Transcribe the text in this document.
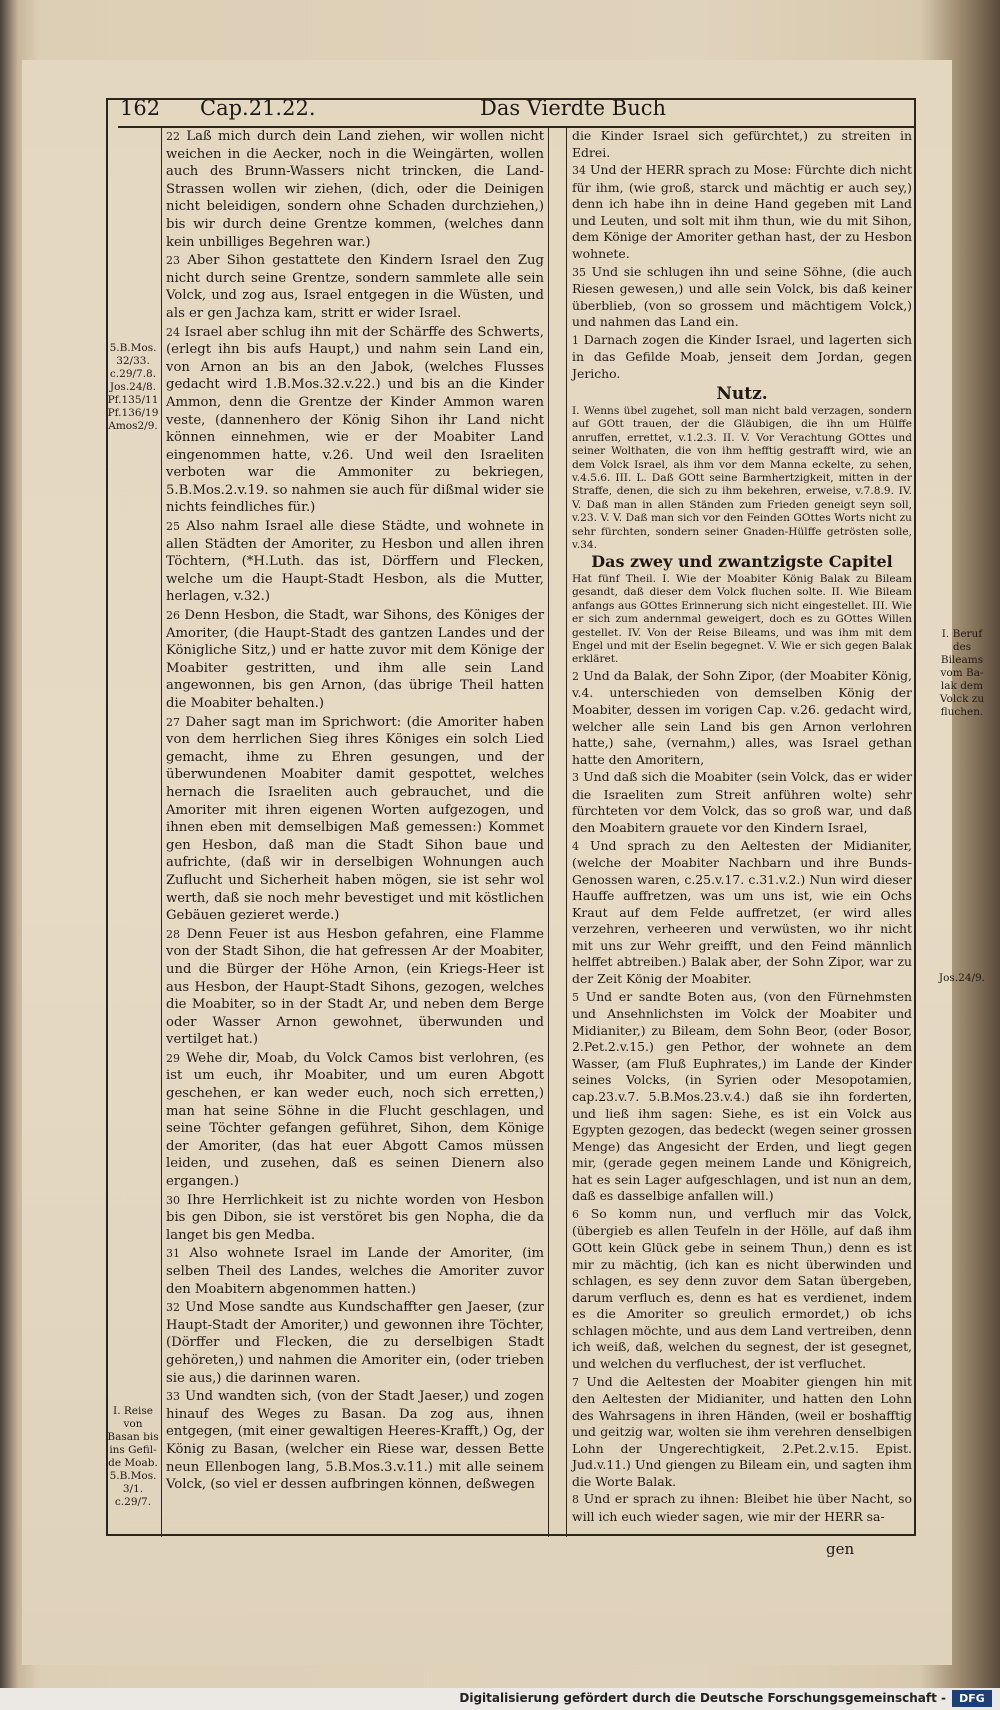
162 Cap.21.22.	Das Vierdte Buch
5.B.Mos. 32/33. c.29/7.8. Jos.24/8. Pf.135/11 Pf.136/19 Amos2/9.
I. Reise von Basan bis ins Gefil-de Moab. 5.B.Mos. 3/1. c.29/7.
I. Beruf des Bileams vom Ba-lak dem Volck zu fluchen.
Jos.24/9.

22 Laß mich durch dein Land ziehen, wir wollen nicht weichen in die Aecker, noch in die Weingärten, wollen auch des Brunn-Wassers nicht trincken, die Land-Strassen wollen wir ziehen, (dich, oder die Deinigen nicht beleidigen, sondern ohne Schaden durchziehen,) bis wir durch deine Grentze kommen, (welches dann kein unbilliges Begehren war.)

23 Aber Sihon gestattete den Kindern Israel den Zug nicht durch seine Grentze, sondern sammlete alle sein Volck, und zog aus, Israel entgegen in die Wüsten, und als er gen Jachza kam, stritt er wider Israel.

24 Israel aber schlug ihn mit der Schärffe des Schwerts, (erlegt ihn bis aufs Haupt,) und nahm sein Land ein, von Arnon an bis an den Jabok, (welches Flusses gedacht wird 1.B.Mos.32.v.22.) und bis an die Kinder Ammon, denn die Grentze der Kinder Ammon waren veste, (dannenhero der König Sihon ihr Land nicht können einnehmen, wie er der Moabiter Land eingenommen hatte, v.26. Und weil den Israeliten verboten war die Ammoniter zu bekriegen, 5.B.Mos.2.v.19. so nahmen sie auch für dißmal wider sie nichts feindliches für.)

25 Also nahm Israel alle diese Städte, und wohnete in allen Städten der Amoriter, zu Hesbon und allen ihren Töchtern, (*H.Luth. das ist, Dörffern und Flecken, welche um die Haupt-Stadt Hesbon, als die Mutter, herlagen, v.32.)

26 Denn Hesbon, die Stadt, war Sihons, des Königes der Amoriter, (die Haupt-Stadt des gantzen Landes und der Königliche Sitz,) und er hatte zuvor mit dem Könige der Moabiter gestritten, und ihm alle sein Land angewonnen, bis gen Arnon, (das übrige Theil hatten die Moabiter behalten.)

27 Daher sagt man im Sprichwort: (die Amoriter haben von dem herrlichen Sieg ihres Königes ein solch Lied gemacht, ihme zu Ehren gesungen, und der überwundenen Moabiter damit gespottet, welches hernach die Israeliten auch gebrauchet, und die Amoriter mit ihren eigenen Worten aufgezogen, und ihnen eben mit demselbigen Maß gemessen:) Kommet gen Hesbon, daß man die Stadt Sihon baue und aufrichte, (daß wir in derselbigen Wohnungen auch Zuflucht und Sicherheit haben mögen, sie ist sehr wol werth, daß sie noch mehr bevestiget und mit köstlichen Gebäuen gezieret werde.)

28 Denn Feuer ist aus Hesbon gefahren, eine Flamme von der Stadt Sihon, die hat gefressen Ar der Moabiter, und die Bürger der Höhe Arnon, (ein Kriegs-Heer ist aus Hesbon, der Haupt-Stadt Sihons, gezogen, welches die Moabiter, so in der Stadt Ar, und neben dem Berge oder Wasser Arnon gewohnet, überwunden und vertilget hat.)

29 Wehe dir, Moab, du Volck Camos bist verlohren, (es ist um euch, ihr Moabiter, und um euren Abgott geschehen, er kan weder euch, noch sich erretten,) man hat seine Söhne in die Flucht geschlagen, und seine Töchter gefangen geführet, Sihon, dem Könige der Amoriter, (das hat euer Abgott Camos müssen leiden, und zusehen, daß es seinen Dienern also ergangen.)

30 Ihre Herrlichkeit ist zu nichte worden von Hesbon bis gen Dibon, sie ist verstöret bis gen Nopha, die da langet bis gen Medba.

31 Also wohnete Israel im Lande der Amoriter, (im selben Theil des Landes, welches die Amoriter zuvor den Moabitern abgenommen hatten.)

32 Und Mose sandte aus Kundschaffter gen Jaeser, (zur Haupt-Stadt der Amoriter,) und gewonnen ihre Töchter, (Dörffer und Flecken, die zu derselbigen Stadt gehöreten,) und nahmen die Amoriter ein, (oder trieben sie aus,) die darinnen waren.

33 Und wandten sich, (von der Stadt Jaeser,) und zogen hinauf des Weges zu Basan. Da zog aus, ihnen entgegen, (mit einer gewaltigen Heeres-Krafft,) Og, der König zu Basan, (welcher ein Riese war, dessen Bette neun Ellenbogen lang, 5.B.Mos.3.v.11.) mit alle seinem Volck, (so viel er dessen aufbringen können, deßwegen

die Kinder Israel sich gefürchtet,) zu streiten in Edrei.

34 Und der HERR sprach zu Mose: Fürchte dich nicht für ihm, (wie groß, starck und mächtig er auch sey,) denn ich habe ihn in deine Hand gegeben mit Land und Leuten, und solt mit ihm thun, wie du mit Sihon, dem Könige der Amoriter gethan hast, der zu Hesbon wohnete.

35 Und sie schlugen ihn und seine Söhne, (die auch Riesen gewesen,) und alle sein Volck, bis daß keiner überblieb, (von so grossem und mächtigem Volck,) und nahmen das Land ein.

1 Darnach zogen die Kinder Israel, und lagerten sich in das Gefilde Moab, jenseit dem Jordan, gegen Jericho.

Nutz.

I. Wenns übel zugehet, soll man nicht bald verzagen, sondern auf GOtt trauen, der die Gläubigen, die ihn um Hülffe anruffen, errettet, v.1.2.3. II. V. Vor Verachtung GOttes und seiner Wolthaten, die von ihm hefftig gestrafft wird, wie an dem Volck Israel, als ihm vor dem Manna eckelte, zu sehen, v.4.5.6. III. L. Daß GOtt seine Barmhertzigkeit, mitten in der Straffe, denen, die sich zu ihm bekehren, erweise, v.7.8.9. IV. V. Daß man in allen Ständen zum Frieden geneigt seyn soll, v.23. V. V. Daß man sich vor den Feinden GOttes Worts nicht zu sehr fürchten, sondern seiner Gnaden-Hülffe getrösten solle, v.34.

Das zwey und zwantzigste Capitel

Hat fünf Theil. I. Wie der Moabiter König Balak zu Bileam gesandt, daß dieser dem Volck fluchen solte. II. Wie Bileam anfangs aus GOttes Erinnerung sich nicht eingestellet. III. Wie er sich zum andernmal geweigert, doch es zu GOttes Willen gestellet. IV. Von der Reise Bileams, und was ihm mit dem Engel und mit der Eselin begegnet. V. Wie er sich gegen Balak erkläret.

2 Und da Balak, der Sohn Zipor, (der Moabiter König, v.4. unterschieden von demselben König der Moabiter, dessen im vorigen Cap. v.26. gedacht wird, welcher alle sein Land bis gen Arnon verlohren hatte,) sahe, (vernahm,) alles, was Israel gethan hatte den Amoritern,

3 Und daß sich die Moabiter (sein Volck, das er wider die Israeliten zum Streit anführen wolte) sehr fürchteten vor dem Volck, das so groß war, und daß den Moabitern grauete vor den Kindern Israel,

4 Und sprach zu den Aeltesten der Midianiter, (welche der Moabiter Nachbarn und ihre Bunds-Genossen waren, c.25.v.17. c.31.v.2.) Nun wird dieser Hauffe auffretzen, was um uns ist, wie ein Ochs Kraut auf dem Felde auffretzet, (er wird alles verzehren, verheeren und verwüsten, wo ihr nicht mit uns zur Wehr greifft, und den Feind männlich helffet abtreiben.) Balak aber, der Sohn Zipor, war zu der Zeit König der Moabiter.

5 Und er sandte Boten aus, (von den Fürnehmsten und Ansehnlichsten im Volck der Moabiter und Midianiter,) zu Bileam, dem Sohn Beor, (oder Bosor, 2.Pet.2.v.15.) gen Pethor, der wohnete an dem Wasser, (am Fluß Euphrates,) im Lande der Kinder seines Volcks, (in Syrien oder Mesopotamien, cap.23.v.7. 5.B.Mos.23.v.4.) daß sie ihn forderten, und ließ ihm sagen: Siehe, es ist ein Volck aus Egypten gezogen, das bedeckt (wegen seiner grossen Menge) das Angesicht der Erden, und liegt gegen mir, (gerade gegen meinem Lande und Königreich, hat es sein Lager aufgeschlagen, und ist nun an dem, daß es dasselbige anfallen will.)

6 So komm nun, und verfluch mir das Volck, (übergieb es allen Teufeln in der Hölle, auf daß ihm GOtt kein Glück gebe in seinem Thun,) denn es ist mir zu mächtig, (ich kan es nicht überwinden und schlagen, es sey denn zuvor dem Satan übergeben, darum verfluch es, denn es hat es verdienet, indem es die Amoriter so greulich ermordet,) ob ichs schlagen möchte, und aus dem Land vertreiben, denn ich weiß, daß, welchen du segnest, der ist gesegnet, und welchen du verfluchest, der ist verfluchet.

7 Und die Aeltesten der Moabiter giengen hin mit den Aeltesten der Midianiter, und hatten den Lohn des Wahrsagens in ihren Händen, (weil er boshafftig und geitzig war, wolten sie ihm verehren denselbigen Lohn der Ungerechtigkeit, 2.Pet.2.v.15. Epist. Jud.v.11.) Und giengen zu Bileam ein, und sagten ihm die Worte Balak.

8 Und er sprach zu ihnen: Bleibet hie über Nacht, so will ich euch wieder sagen, wie mir der HERR sa-

gen
Digitalisierung gefördert durch die Deutsche Forschungsgemeinschaft -	DFG
